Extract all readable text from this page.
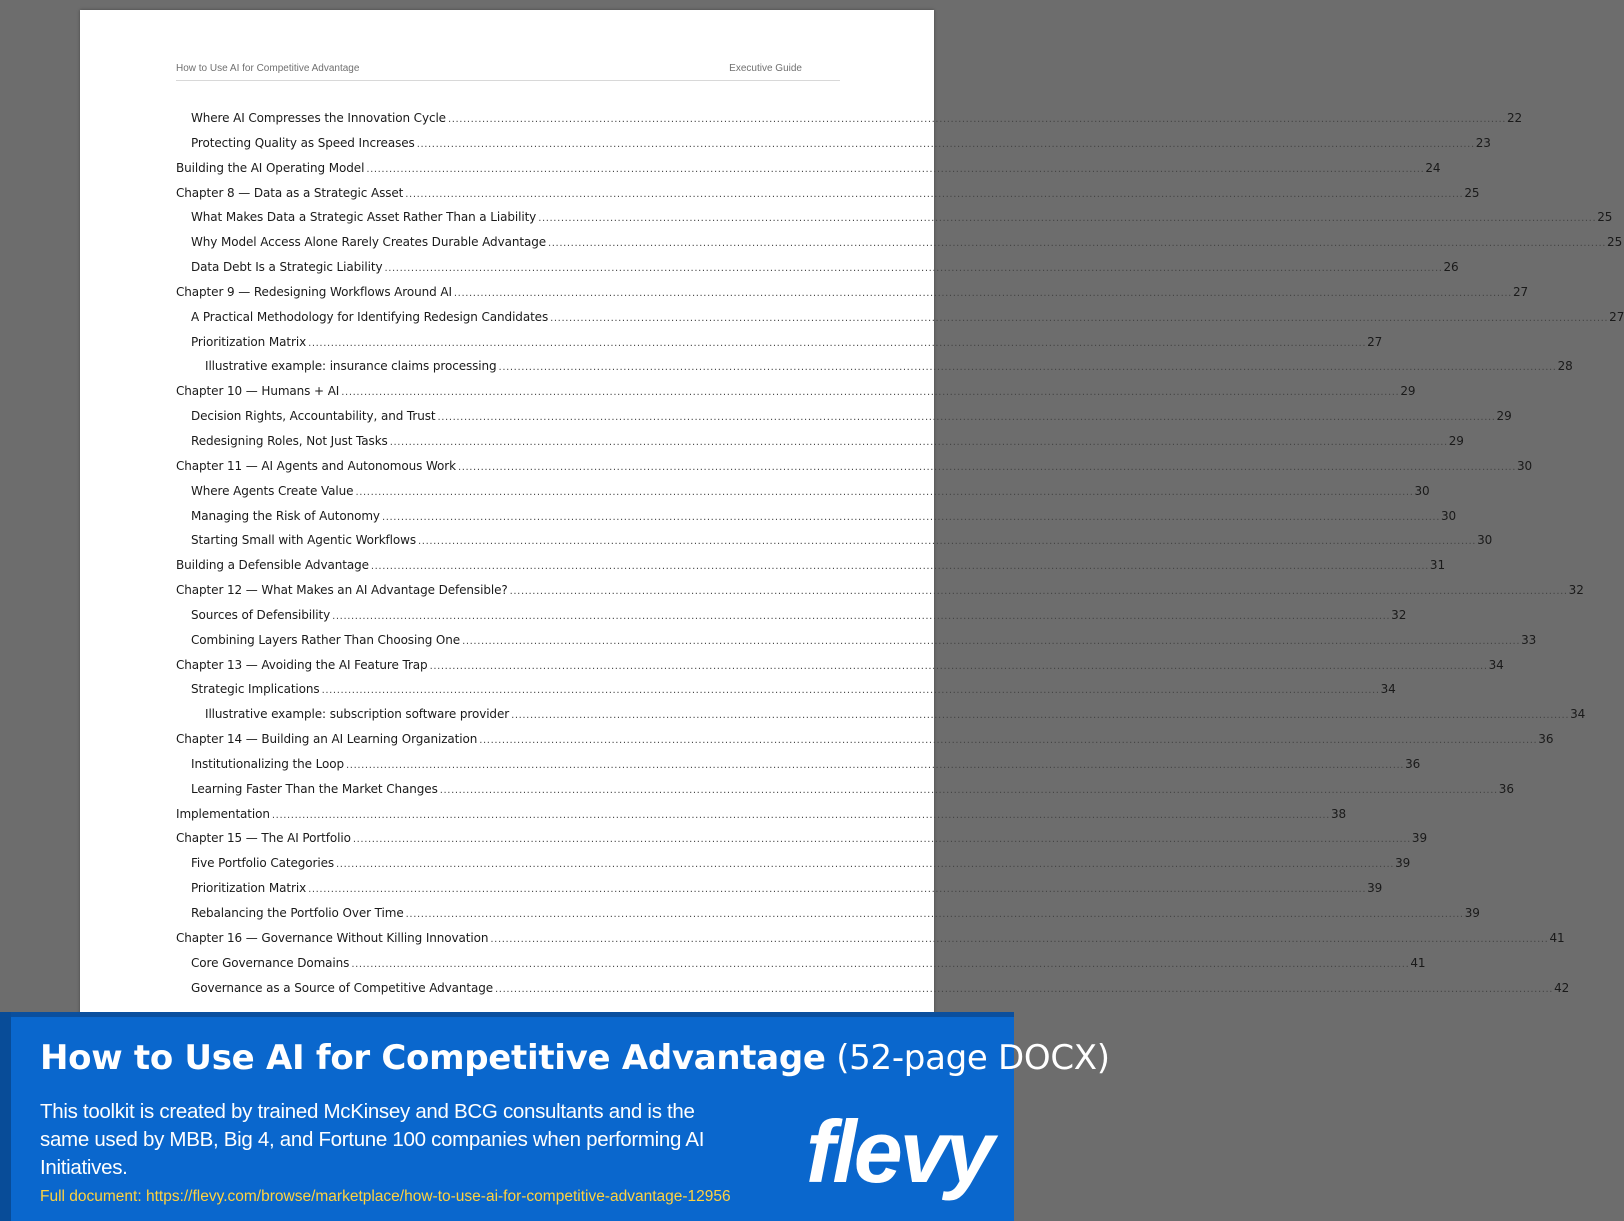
How to Use AI for Competitive Advantage	Executive Guide
Where AI Compresses the Innovation Cycle .....	22
Protecting Quality as Speed Increases .....	23
Building the AI Operating Model .....	24
Chapter 8 — Data as a Strategic Asset .....	25
What Makes Data a Strategic Asset Rather Than a Liability .....	25
Why Model Access Alone Rarely Creates Durable Advantage .....	25
Data Debt Is a Strategic Liability .....	26
Chapter 9 — Redesigning Workflows Around AI .....	27
A Practical Methodology for Identifying Redesign Candidates .....	27
Prioritization Matrix .....	27
Illustrative example: insurance claims processing .....	28
Chapter 10 — Humans + AI .....	29
Decision Rights, Accountability, and Trust .....	29
Redesigning Roles, Not Just Tasks .....	29
Chapter 11 — AI Agents and Autonomous Work .....	30
Where Agents Create Value .....	30
Managing the Risk of Autonomy .....	30
Starting Small with Agentic Workflows .....	30
Building a Defensible Advantage .....	31
Chapter 12 — What Makes an AI Advantage Defensible? .....	32
Sources of Defensibility .....	32
Combining Layers Rather Than Choosing One .....	33
Chapter 13 — Avoiding the AI Feature Trap .....	34
Strategic Implications .....	34
Illustrative example: subscription software provider .....	34
Chapter 14 — Building an AI Learning Organization .....	36
Institutionalizing the Loop .....	36
Learning Faster Than the Market Changes .....	36
Implementation .....	38
Chapter 15 — The AI Portfolio .....	39
Five Portfolio Categories .....	39
Prioritization Matrix .....	39
Rebalancing the Portfolio Over Time .....	39
Chapter 16 — Governance Without Killing Innovation .....	41
Core Governance Domains .....	41
Governance as a Source of Competitive Advantage .....	42
How to Use AI for Competitive Advantage (52-page DOCX)
This toolkit is created by trained McKinsey and BCG consultants and is the same used by MBB, Big 4, and Fortune 100 companies when performing AI Initiatives.
Full document: https://flevy.com/browse/marketplace/how-to-use-ai-for-competitive-advantage-12956 flevy
